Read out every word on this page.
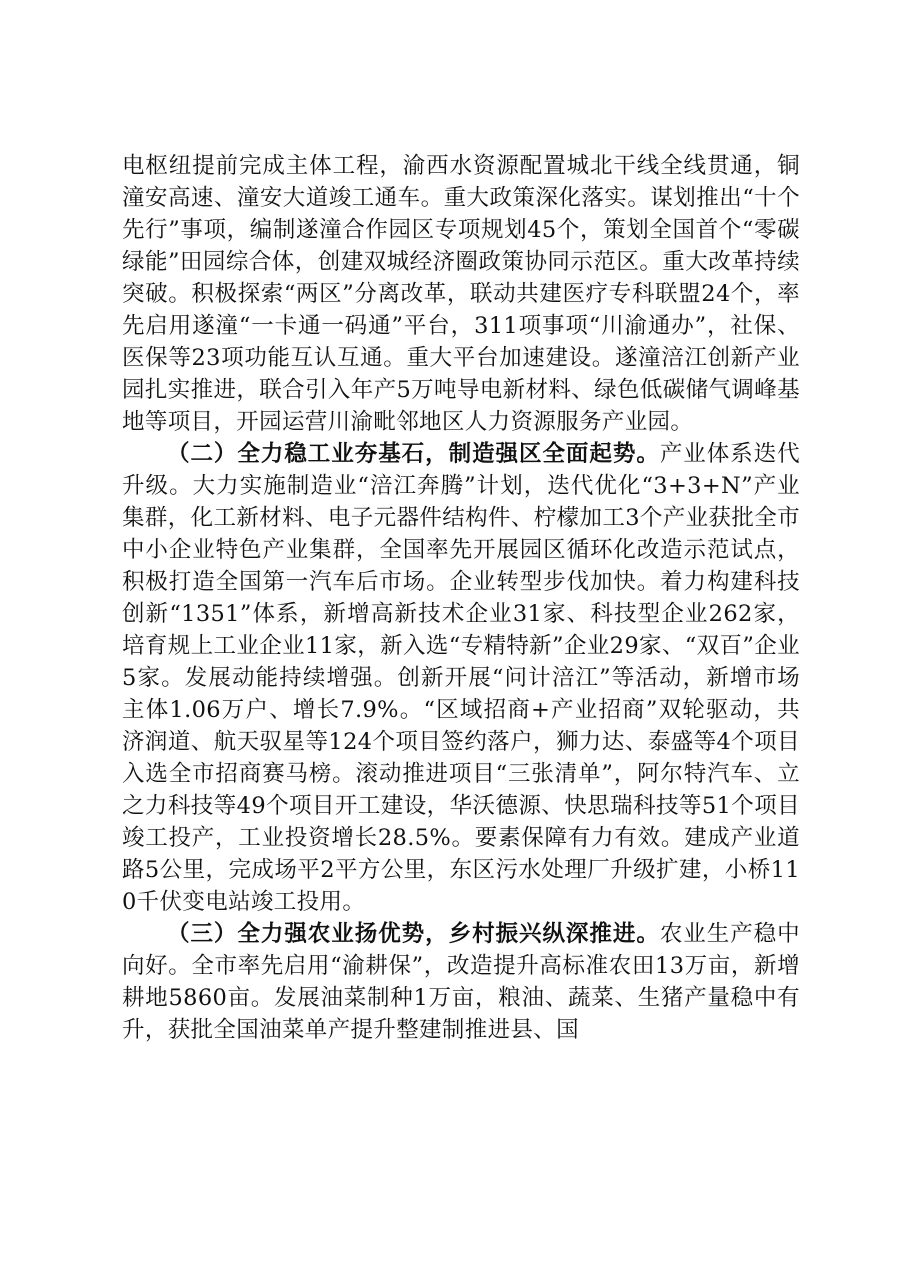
电枢纽提前完成主体工程，渝西水资源配置城北干线全线贯通，铜潼安高速、潼安大道竣工通车。重大政策深化落实。谋划推出“十个先行”事项，编制遂潼合作园区专项规划45个，策划全国首个“零碳绿能”田园综合体，创建双城经济圈政策协同示范区。重大改革持续突破。积极探索“两区”分离改革，联动共建医疗专科联盟24个，率先启用遂潼“一卡通一码通”平台，311项事项“川渝通办”，社保、医保等23项功能互认互通。重大平台加速建设。遂潼涪江创新产业园扎实推进，联合引入年产5万吨导电新材料、绿色低碳储气调峰基地等项目，开园运营川渝毗邻地区人力资源服务产业园。

（二）全力稳工业夯基石，制造强区全面起势。产业体系迭代升级。大力实施制造业“涪江奔腾”计划，迭代优化“3+3+N”产业集群，化工新材料、电子元器件结构件、柠檬加工3个产业获批全市中小企业特色产业集群，全国率先开展园区循环化改造示范试点，积极打造全国第一汽车后市场。企业转型步伐加快。着力构建科技创新“1351”体系，新增高新技术企业31家、科技型企业262家，培育规上工业企业11家，新入选“专精特新”企业29家、“双百”企业5家。发展动能持续增强。创新开展“问计涪江”等活动，新增市场主体1.06万户、增长7.9%。“区域招商+产业招商”双轮驱动，共济润道、航天驭星等124个项目签约落户，狮力达、泰盛等4个项目入选全市招商赛马榜。滚动推进项目“三张清单”，阿尔特汽车、立之力科技等49个项目开工建设，华沃德源、快思瑞科技等51个项目竣工投产，工业投资增长28.5%。要素保障有力有效。建成产业道路5公里，完成场平2平方公里，东区污水处理厂升级扩建，小桥110千伏变电站竣工投用。

（三）全力强农业扬优势，乡村振兴纵深推进。农业生产稳中向好。全市率先启用“渝耕保”，改造提升高标准农田13万亩，新增耕地5860亩。发展油菜制种1万亩，粮油、蔬菜、生猪产量稳中有升，获批全国油菜单产提升整建制推进县、国
